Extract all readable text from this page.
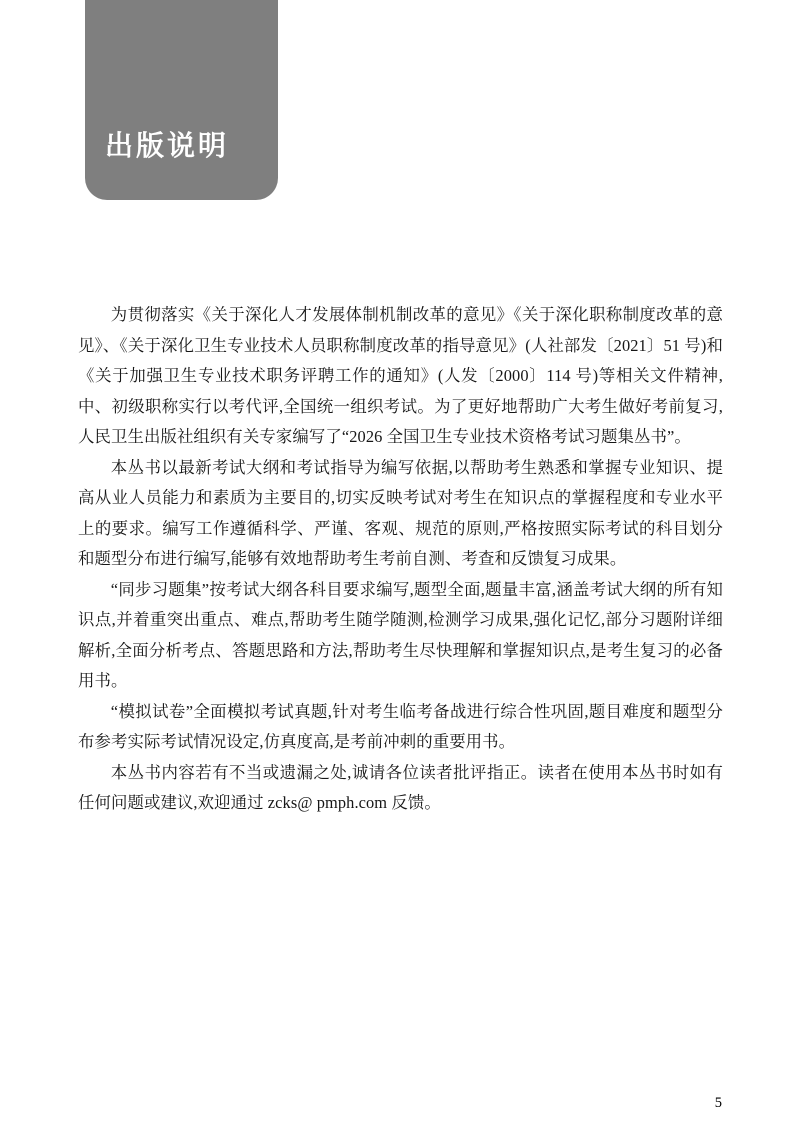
出版说明

为贯彻落实《关于深化人才发展体制机制改革的意见》《关于深化职称制度改革的意见》、《关于深化卫生专业技术人员职称制度改革的指导意见》(人社部发〔2021〕51 号)和《关于加强卫生专业技术职务评聘工作的通知》(人发〔2000〕114 号)等相关文件精神,中、初级职称实行以考代评,全国统一组织考试。为了更好地帮助广大考生做好考前复习,人民卫生出版社组织有关专家编写了“2026 全国卫生专业技术资格考试习题集丛书”。

本丛书以最新考试大纲和考试指导为编写依据,以帮助考生熟悉和掌握专业知识、提高从业人员能力和素质为主要目的,切实反映考试对考生在知识点的掌握程度和专业水平上的要求。编写工作遵循科学、严谨、客观、规范的原则,严格按照实际考试的科目划分和题型分布进行编写,能够有效地帮助考生考前自测、考查和反馈复习成果。

“同步习题集”按考试大纲各科目要求编写,题型全面,题量丰富,涵盖考试大纲的所有知识点,并着重突出重点、难点,帮助考生随学随测,检测学习成果,强化记忆,部分习题附详细解析,全面分析考点、答题思路和方法,帮助考生尽快理解和掌握知识点,是考生复习的必备用书。

“模拟试卷”全面模拟考试真题,针对考生临考备战进行综合性巩固,题目难度和题型分布参考实际考试情况设定,仿真度高,是考前冲刺的重要用书。

本丛书内容若有不当或遗漏之处,诚请各位读者批评指正。读者在使用本丛书时如有任何问题或建议,欢迎通过 zcks@ pmph.com 反馈。

5
